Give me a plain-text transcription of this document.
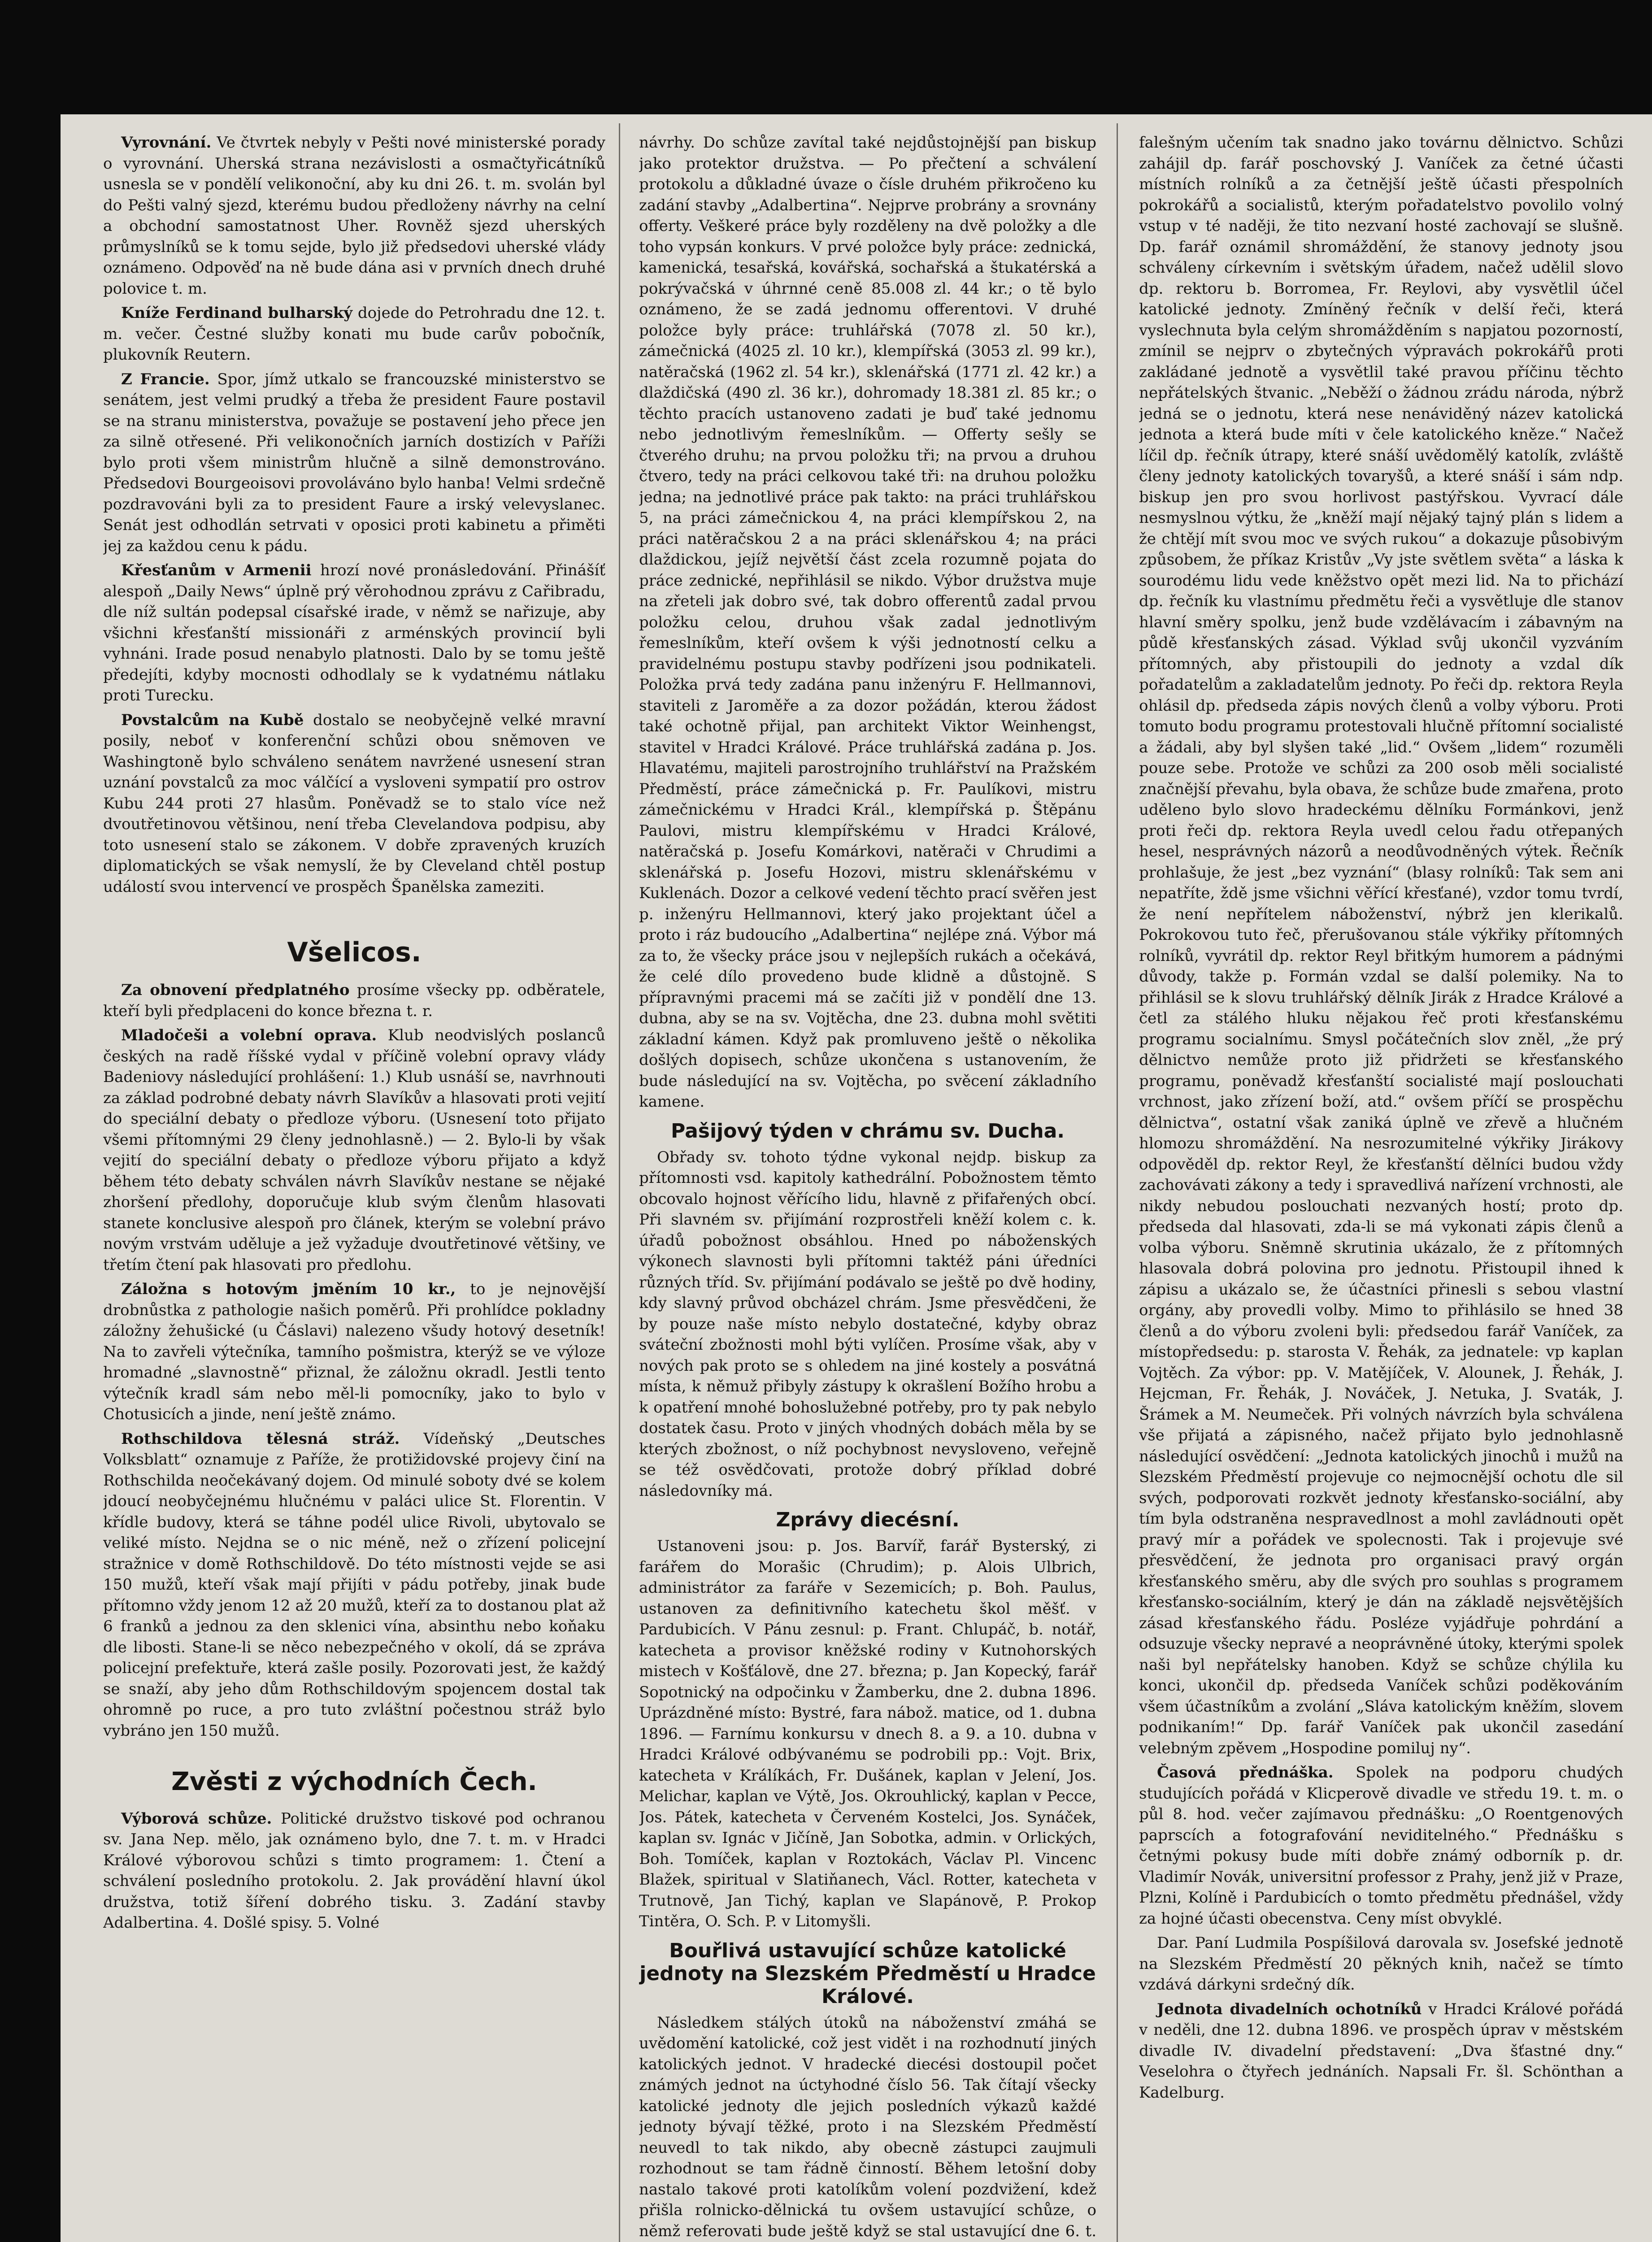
Vyrovnání. Ve čtvrtek nebyly v Pešti nové ministerské porady o vyrovnání. Uherská strana nezávislosti a osmačtyřicátníků usnesla se v pondělí velikonoční, aby ku dni 26. t. m. svolán byl do Pešti valný sjezd, kterému budou předloženy návrhy na celní a obchodní samostatnost Uher. Rovněž sjezd uherských průmyslníků se k tomu sejde, bylo již předsedovi uherské vlády oznámeno. Odpověď na ně bude dána asi v prvních dnech druhé polovice t. m.

Kníže Ferdinand bulharský dojede do Petrohradu dne 12. t. m. večer. Čestné služby konati mu bude carův pobočník, plukovník Reutern.

Z Francie. Spor, jímž utkalo se francouzské ministerstvo se senátem, jest velmi prudký a třeba že president Faure postavil se na stranu ministerstva, považuje se postavení jeho přece jen za silně otřesené. Při velikonočních jarních dostizích v Paříži bylo proti všem ministrům hlučně a silně demonstrováno. Předsedovi Bourgeoisovi provoláváno bylo hanba! Velmi srdečně pozdravováni byli za to president Faure a irský velevyslanec. Senát jest odhodlán setrvati v oposici proti kabinetu a přiměti jej za každou cenu k pádu.

Křesťanům v Armenii hrozí nové pronásledování. Přinášíť alespoň „Daily News“ úplně prý věrohodnou zprávu z Cařibradu, dle níž sultán podepsal císařské irade, v němž se nařizuje, aby všichni křesťanští missionáři z arménských provincií byli vyhnáni. Irade posud nenabylo platnosti. Dalo by se tomu ještě předejíti, kdyby mocnosti odhodlaly se k vydatnému nátlaku proti Turecku.

Povstalcům na Kubě dostalo se neobyčejně velké mravní posily, neboť v konferenční schůzi obou sněmoven ve Washingtoně bylo schváleno senátem navržené usnesení stran uznání povstalců za moc válčící a vysloveni sympatií pro ostrov Kubu 244 proti 27 hlasům. Poněvadž se to stalo více než dvoutřetinovou většinou, není třeba Clevelandova podpisu, aby toto usnesení stalo se zákonem. V dobře zpravených kruzích diplomatických se však nemyslí, že by Cleveland chtěl postup událostí svou intervencí ve prospěch Španělska zameziti.

Všelicos.

Za obnovení předplatného prosíme všecky pp. odběratele, kteří byli předplaceni do konce března t. r.

Mladočeši a volební oprava. Klub neodvislých poslanců českých na radě říšské vydal v příčině volební opravy vlády Badeniovy následující prohlášení: 1.) Klub usnáší se, navrhnouti za základ podrobné debaty návrh Slavíkův a hlasovati proti vejití do speciální debaty o předloze výboru. (Usnesení toto přijato všemi přítomnými 29 členy jednohlasně.) — 2. Bylo-li by však vejití do speciální debaty o předloze výboru přijato a když během této debaty schválen návrh Slavíkův nestane se nějaké zhoršení předlohy, doporučuje klub svým členům hlasovati stanete konclusive alespoň pro článek, kterým se volební právo novým vrstvám uděluje a jež vyžaduje dvoutřetinové většiny, ve třetím čtení pak hlasovati pro předlohu.

Záložna s hotovým jměním 10 kr., to je nejnovější drobnůstka z pathologie našich poměrů. Při prohlídce pokladny záložny žehušické (u Čáslavi) nalezeno všudy hotový desetník! Na to zavřeli výtečníka, tamního pošmistra, kterýž se ve výloze hromadné „slavnostně“ přiznal, že záložnu okradl. Jestli tento výtečník kradl sám nebo měl-li pomocníky, jako to bylo v Chotusicích a jinde, není ještě známo.

Rothschildova tělesná stráž. Vídeňský „Deutsches Volksblatt“ oznamuje z Paříže, že protižidovské projevy činí na Rothschilda neočekávaný dojem. Od minulé soboty dvé se kolem jdoucí neobyčejnému hlučnému v paláci ulice St. Florentin. V křídle budovy, která se táhne podél ulice Rivoli, ubytovalo se veliké místo. Nejdna se o nic méně, než o zřízení policejní stražnice v domě Rothschildově. Do této místnosti vejde se asi 150 mužů, kteří však mají přijíti v pádu potřeby, jinak bude přítomno vždy jenom 12 až 20 mužů, kteří za to dostanou plat až 6 franků a jednou za den sklenici vína, absinthu nebo koňaku dle libosti. Stane-li se něco nebezpečného v okolí, dá se zpráva policejní prefektuře, která zašle posily. Pozorovati jest, že každý se snaží, aby jeho dům Rothschildovým spojencem dostal tak ohromně po ruce, a pro tuto zvláštní počestnou stráž bylo vybráno jen 150 mužů.

Zvěsti z východních Čech.

Výborová schůze. Politické družstvo tiskové pod ochranou sv. Jana Nep. mělo, jak oznámeno bylo, dne 7. t. m. v Hradci Králové výborovou schůzi s timto programem: 1. Čtení a schválení posledního protokolu. 2. Jak provádění hlavní úkol družstva, totiž šíření dobrého tisku. 3. Zadání stavby Adalbertina. 4. Došlé spisy. 5. Volné

návrhy. Do schůze zavítal také nejdůstojnější pan biskup jako protektor družstva. — Po přečtení a schválení protokolu a důkladné úvaze o čísle druhém přikročeno ku zadání stavby „Adalbertina“. Nejprve probrány a srovnány offerty. Veškeré práce byly rozděleny na dvě položky a dle toho vypsán konkurs. V prvé položce byly práce: zednická, kamenická, tesařská, kovářská, sochařská a štukatérská a pokrývačská v úhrnné ceně 85.008 zl. 44 kr.; o tě bylo oznámeno, že se zadá jednomu offerentovi. V druhé položce byly práce: truhlářská (7078 zl. 50 kr.), zámečnická (4025 zl. 10 kr.), klempířská (3053 zl. 99 kr.), natěračská (1962 zl. 54 kr.), sklenářská (1771 zl. 42 kr.) a dlaždičská (490 zl. 36 kr.), dohromady 18.381 zl. 85 kr.; o těchto pracích ustanoveno zadati je buď také jednomu nebo jednotlivým řemeslníkům. — Offerty sešly se čtverého druhu; na prvou položku tři; na prvou a druhou čtvero, tedy na práci celkovou také tři: na druhou položku jedna; na jednotlivé práce pak takto: na práci truhlářskou 5, na práci zámečnickou 4, na práci klempířskou 2, na práci natěračskou 2 a na práci sklenářskou 4; na práci dlaždickou, jejíž největší část zcela rozumně pojata do práce zednické, nepřihlásil se nikdo. Výbor družstva muje na zřeteli jak dobro své, tak dobro offerentů zadal prvou položku celou, druhou však zadal jednotlivým řemeslníkům, kteří ovšem k výši jednotností celku a pravidelnému postupu stavby podřízeni jsou podnikateli. Položka prvá tedy zadána panu inženýru F. Hellmannovi, staviteli z Jaroměře a za dozor požádán, kterou žádost také ochotně přijal, pan architekt Viktor Weinhengst, stavitel v Hradci Králové. Práce truhlářská zadána p. Jos. Hlavatému, majiteli parostrojního truhlářství na Pražském Předměstí, práce zámečnická p. Fr. Paulíkovi, mistru zámečnickému v Hradci Král., klempířská p. Štěpánu Paulovi, mistru klempířskému v Hradci Králové, natěračská p. Josefu Komárkovi, natěrači v Chrudimi a sklenářská p. Josefu Hozovi, mistru sklenářskému v Kuklenách. Dozor a celkové vedení těchto prací svěřen jest p. inženýru Hellmannovi, který jako projektant účel a proto i ráz budoucího „Adalbertina“ nejlépe zná. Výbor má za to, že všecky práce jsou v nejlepších rukách a očekává, že celé dílo provedeno bude klidně a důstojně. S přípravnými pracemi má se začíti již v pondělí dne 13. dubna, aby se na sv. Vojtěcha, dne 23. dubna mohl světiti základní kámen. Když pak promluveno ještě o několika došlých dopisech, schůze ukončena s ustanovením, že bude následující na sv. Vojtěcha, po svěcení základního kamene.

Pašijový týden v chrámu sv. Ducha.

Obřady sv. tohoto týdne vykonal nejdp. biskup za přítomnosti vsd. kapitoly kathedrální. Pobožnostem těmto obcovalo hojnost věřícího lidu, hlavně z přifařených obcí. Při slavném sv. přijímání rozprostřeli kněží kolem c. k. úřadů pobožnost obsáhlou. Hned po náboženských výkonech slavnosti byli přítomni taktéž páni úředníci různých tříd. Sv. přijímání podávalo se ještě po dvě hodiny, kdy slavný průvod obcházel chrám. Jsme přesvědčeni, že by pouze naše místo nebylo dostatečné, kdyby obraz sváteční zbožnosti mohl býti vylíčen. Prosíme však, aby v nových pak proto se s ohledem na jiné kostely a posvátná místa, k němuž přibyly zástupy k okrašlení Božího hrobu a k opatření mnohé bohoslužebné potřeby, pro ty pak nebylo dostatek času. Proto v jiných vhodných dobách měla by se kterých zbožnost, o níž pochybnost nevysloveno, veřejně se též osvědčovati, protože dobrý příklad dobré následovníky má.

Zprávy diecésní.

Ustanoveni jsou: p. Jos. Barvíř, farář Bysterský, zi farářem do Morašic (Chrudim); p. Alois Ulbrich, administrátor za faráře v Sezemicích; p. Boh. Paulus, ustanoven za definitivního katechetu škol měšť. v Pardubicích. V Pánu zesnul: p. Frant. Chlupáč, b. notář, katecheta a provisor kněžské rodiny v Kutnohorských mistech v Košťálově, dne 27. března; p. Jan Kopecký, farář Sopotnický na odpočinku v Žamberku, dne 2. dubna 1896. Uprázdněné místo: Bystré, fara nábož. matice, od 1. dubna 1896. — Farnímu konkursu v dnech 8. a 9. a 10. dubna v Hradci Králové odbývanému se podrobili pp.: Vojt. Brix, katecheta v Králíkách, Fr. Dušánek, kaplan v Jelení, Jos. Melichar, kaplan ve Výtě, Jos. Okrouhlický, kaplan v Pecce, Jos. Pátek, katecheta v Červeném Kostelci, Jos. Synáček, kaplan sv. Ignác v Jičíně, Jan Sobotka, admin. v Orlických, Boh. Tomíček, kaplan v Roztokách, Václav Pl. Vincenc Blažek, spiritual v Slatiňanech, Václ. Rotter, katecheta v Trutnově, Jan Tichý, kaplan ve Slapánově, P. Prokop Tintěra, O. Sch. P. v Litomyšli.

Bouřlivá ustavující schůze katolické jednoty na Slezském Předměstí u Hradce Králové.

Následkem stálých útoků na náboženství zmáhá se uvědomění katolické, což jest vidět i na rozhodnutí jiných katolických jednot. V hradecké diecési dostoupil počet známých jednot na úctyhodné číslo 56. Tak čítají všecky katolické jednoty dle jejich posledních výkazů každé jednoty bývají těžké, proto i na Slezském Předměstí neuvedl to tak nikdo, aby obecně zástupci zaujmuli rozhodnout se tam řádně činností. Během letošní doby nastalo takové proti katolíkům volení pozdvižení, kdež přišla rolnicko-dělnická tu ovšem ustavující schůze, o němž referovati bude ještě když se stal ustavující dne 6. t.

falešným učením tak snadno jako továrnu dělnictvo. Schůzi zahájil dp. farář poschovský J. Vaníček za četné účasti místních rolníků a za četnější ještě účasti přespolních pokrokářů a socialistů, kterým pořadatelstvo povolilo volný vstup v té naději, že tito nezvaní hosté zachovají se slušně. Dp. farář oznámil shromáždění, že stanovy jednoty jsou schváleny církevním i světským úřadem, načež udělil slovo dp. rektoru b. Borromea, Fr. Reylovi, aby vysvětlil účel katolické jednoty. Zmíněný řečník v delší řeči, která vyslechnuta byla celým shromážděním s napjatou pozorností, zmínil se nejprv o zbytečných výpravách pokrokářů proti zakládané jednotě a vysvětlil také pravou příčinu těchto nepřátelských štvanic. „Neběží o žádnou zrádu národa, nýbrž jedná se o jednotu, která nese nenáviděný název katolická jednota a která bude míti v čele katolického kněze.“ Načež líčil dp. řečník útrapy, které snáší uvědomělý katolík, zvláště členy jednoty katolických tovaryšů, a které snáší i sám ndp. biskup jen pro svou horlivost pastýřskou. Vyvrací dále nesmyslnou výtku, že „kněží mají nějaký tajný plán s lidem a že chtějí mít svou moc ve svých rukou“ a dokazuje působivým způsobem, že příkaz Kristův „Vy jste světlem světa“ a láska k sourodému lidu vede kněžstvo opět mezi lid. Na to přichází dp. řečník ku vlastnímu předmětu řeči a vysvětluje dle stanov hlavní směry spolku, jenž bude vzdělávacím i zábavným na půdě křesťanských zásad. Výklad svůj ukončil vyzváním přítomných, aby přistoupili do jednoty a vzdal dík pořadatelům a zakladatelům jednoty. Po řeči dp. rektora Reyla ohlásil dp. předseda zápis nových členů a volby výboru. Proti tomuto bodu programu protestovali hlučně přítomní socialisté a žádali, aby byl slyšen také „lid.“ Ovšem „lidem“ rozuměli pouze sebe. Protože ve schůzi za 200 osob měli socialisté značnější převahu, byla obava, že schůze bude zmařena, proto uděleno bylo slovo hradeckému dělníku Formánkovi, jenž proti řeči dp. rektora Reyla uvedl celou řadu otřepaných hesel, nesprávných názorů a neodůvodněných výtek. Řečník prohlašuje, že jest „bez vyznání“ (blasy rolníků: Tak sem ani nepatříte, ždě jsme všichni věřící křesťané), vzdor tomu tvrdí, že není nepřítelem náboženství, nýbrž jen klerikalů. Pokrokovou tuto řeč, přerušovanou stále výkřiky přítomných rolníků, vyvrátil dp. rektor Reyl břitkým humorem a pádnými důvody, takže p. Formán vzdal se další polemiky. Na to přihlásil se k slovu truhlářský dělník Jirák z Hradce Králové a četl za stálého hluku nějakou řeč proti křesťanskému programu socialnímu. Smysl počátečních slov zněl, „že prý dělnictvo nemůže proto již přidržeti se křesťanského programu, poněvadž křesťanští socialisté mají poslouchati vrchnost, jako zřízení boží, atd.“ ovšem příčí se prospěchu dělnictva“, ostatní však zaniká úplně ve zřevě a hlučném hlomozu shromáždění. Na nesrozumitelné výkřiky Jirákovy odpověděl dp. rektor Reyl, že křesťanští dělníci budou vždy zachovávati zákony a tedy i spravedlivá nařízení vrchnosti, ale nikdy nebudou poslouchati nezvaných hostí; proto dp. předseda dal hlasovati, zda-li se má vykonati zápis členů a volba výboru. Sněmně skrutinia ukázalo, že z přítomných hlasovala dobrá polovina pro jednotu. Přistoupil ihned k zápisu a ukázalo se, že účastníci přinesli s sebou vlastní orgány, aby provedli volby. Mimo to přihlásilo se hned 38 členů a do výboru zvoleni byli: předsedou farář Vaníček, za místopředsedu: p. starosta V. Řehák, za jednatele: vp kaplan Vojtěch. Za výbor: pp. V. Matějíček, V. Alounek, J. Řehák, J. Hejcman, Fr. Řehák, J. Nováček, J. Netuka, J. Svaták, J. Šrámek a M. Neumeček. Při volných návrzích byla schválena vše přijatá a zápisného, načež přijato bylo jednohlasně následující osvědčení: „Jednota katolických jinochů i mužů na Slezském Předměstí projevuje co nejmocnější ochotu dle sil svých, podporovati rozkvět jednoty křesťansko-sociální, aby tím byla odstraněna nespravedlnost a mohl zavládnouti opět pravý mír a pořádek ve spolecnosti. Tak i projevuje své přesvědčení, že jednota pro organisaci pravý orgán křesťanského směru, aby dle svých pro souhlas s programem křesťansko-sociálním, který je dán na základě nejsvětějších zásad křesťanského řádu. Posléze vyjádřuje pohrdání a odsuzuje všecky nepravé a neoprávněné útoky, kterými spolek naši byl nepřátelsky hanoben. Když se schůze chýlila ku konci, ukončil dp. předseda Vaníček schůzi poděkováním všem účastníkům a zvolání „Sláva katolickým kněžím, slovem podnikaním!“ Dp. farář Vaníček pak ukončil zasedání velebným zpěvem „Hospodine pomiluj ny“.

Časová přednáška. Spolek na podporu chudých studujících pořádá v Klicperově divadle ve středu 19. t. m. o půl 8. hod. večer zajímavou přednášku: „O Roentgenových paprscích a fotografování neviditelného.“ Přednášku s četnými pokusy bude míti dobře známý odborník p. dr. Vladimír Novák, universitní professor z Prahy, jenž již v Praze, Plzni, Kolíně i Pardubicích o tomto předmětu přednášel, vždy za hojné účasti obecenstva. Ceny míst obvyklé.

Dar. Paní Ludmila Pospíšilová darovala sv. Josefské jednotě na Slezském Předměstí 20 pěkných knih, načež se tímto vzdává dárkyni srdečný dík.

Jednota divadelních ochotníků v Hradci Králové pořádá v neděli, dne 12. dubna 1896. ve prospěch úprav v městském divadle IV. divadelní představení: „Dva šťastné dny.“ Veselohra o čtyřech jednáních. Napsali Fr. šl. Schönthan a Kadelburg.
